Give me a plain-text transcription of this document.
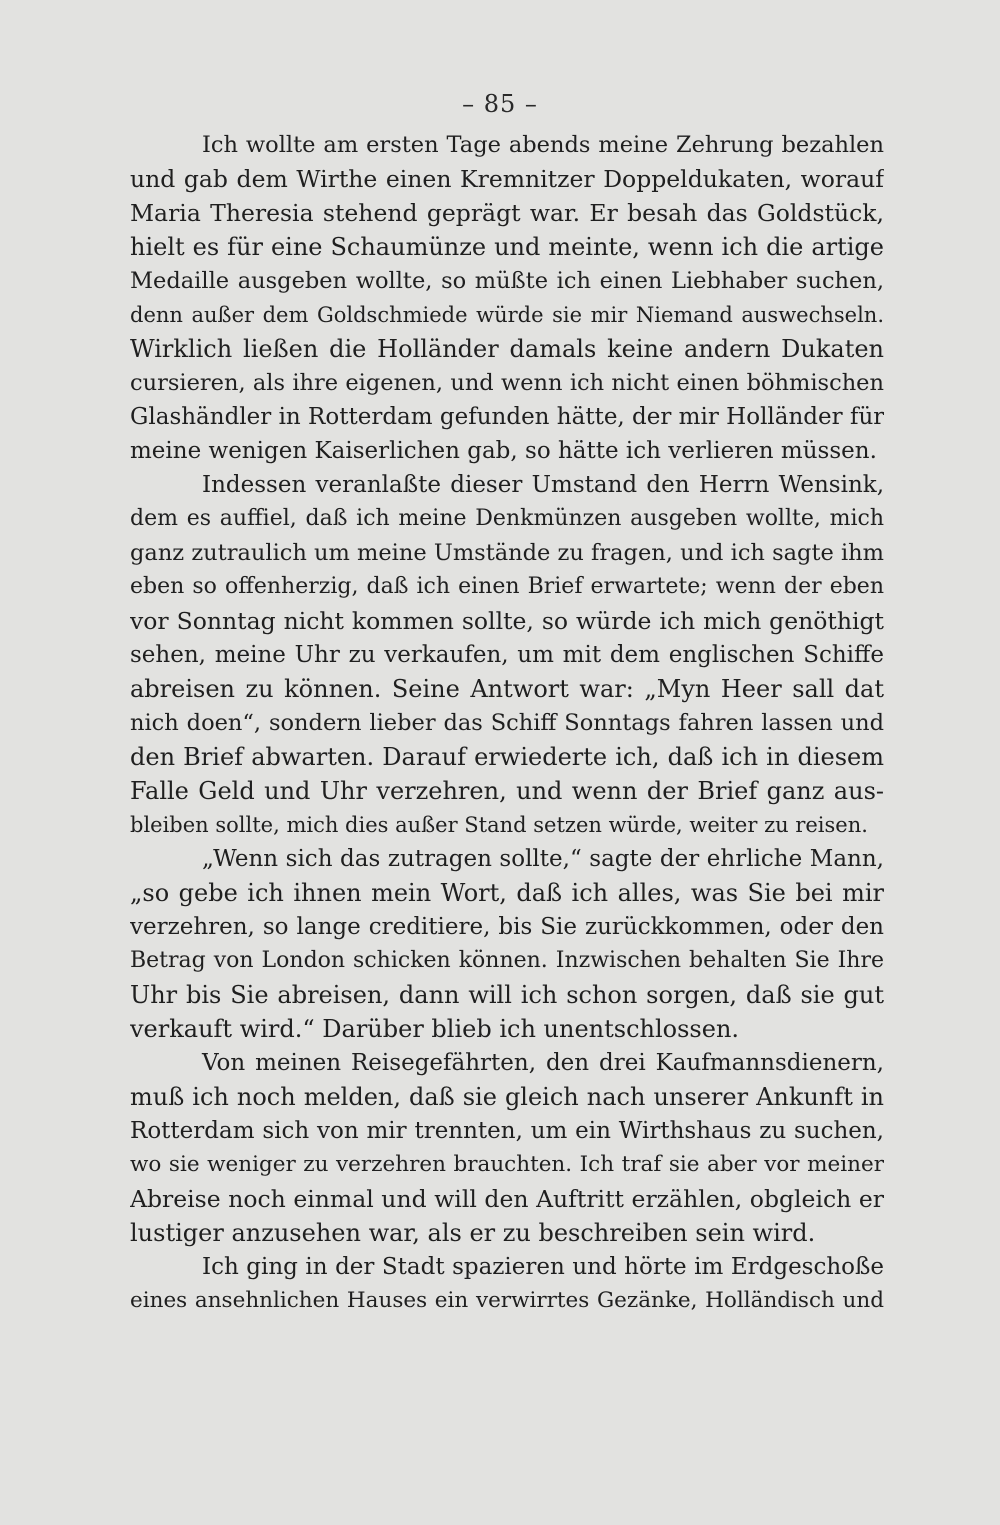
– 85 –
Ich wollte am ersten Tage abends meine Zehrung bezahlen
und gab dem Wirthe einen Kremnitzer Doppeldukaten, worauf
Maria Theresia stehend geprägt war. Er besah das Goldstück,
hielt es für eine Schaumünze und meinte, wenn ich die artige
Medaille ausgeben wollte, so müßte ich einen Liebhaber suchen,
denn außer dem Goldschmiede würde sie mir Niemand auswechseln.
Wirklich ließen die Holländer damals keine andern Dukaten
cursieren, als ihre eigenen, und wenn ich nicht einen böhmischen
Glashändler in Rotterdam gefunden hätte, der mir Holländer für
meine wenigen Kaiserlichen gab, so hätte ich verlieren müssen.
Indessen veranlaßte dieser Umstand den Herrn Wensink,
dem es auffiel, daß ich meine Denkmünzen ausgeben wollte, mich
ganz zutraulich um meine Umstände zu fragen, und ich sagte ihm
eben so offenherzig, daß ich einen Brief erwartete; wenn der eben
vor Sonntag nicht kommen sollte, so würde ich mich genöthigt
sehen, meine Uhr zu verkaufen, um mit dem englischen Schiffe
abreisen zu können. Seine Antwort war: „Myn Heer sall dat
nich doen“, sondern lieber das Schiff Sonntags fahren lassen und
den Brief abwarten. Darauf erwiederte ich, daß ich in diesem
Falle Geld und Uhr verzehren, und wenn der Brief ganz aus-
bleiben sollte, mich dies außer Stand setzen würde, weiter zu reisen.
„Wenn sich das zutragen sollte,“ sagte der ehrliche Mann,
„so gebe ich ihnen mein Wort, daß ich alles, was Sie bei mir
verzehren, so lange creditiere, bis Sie zurückkommen, oder den
Betrag von London schicken können. Inzwischen behalten Sie Ihre
Uhr bis Sie abreisen, dann will ich schon sorgen, daß sie gut
verkauft wird.“ Darüber blieb ich unentschlossen.
Von meinen Reisegefährten, den drei Kaufmannsdienern,
muß ich noch melden, daß sie gleich nach unserer Ankunft in
Rotterdam sich von mir trennten, um ein Wirthshaus zu suchen,
wo sie weniger zu verzehren brauchten. Ich traf sie aber vor meiner
Abreise noch einmal und will den Auftritt erzählen, obgleich er
lustiger anzusehen war, als er zu beschreiben sein wird.
Ich ging in der Stadt spazieren und hörte im Erdgeschoße
eines ansehnlichen Hauses ein verwirrtes Gezänke, Holländisch und
